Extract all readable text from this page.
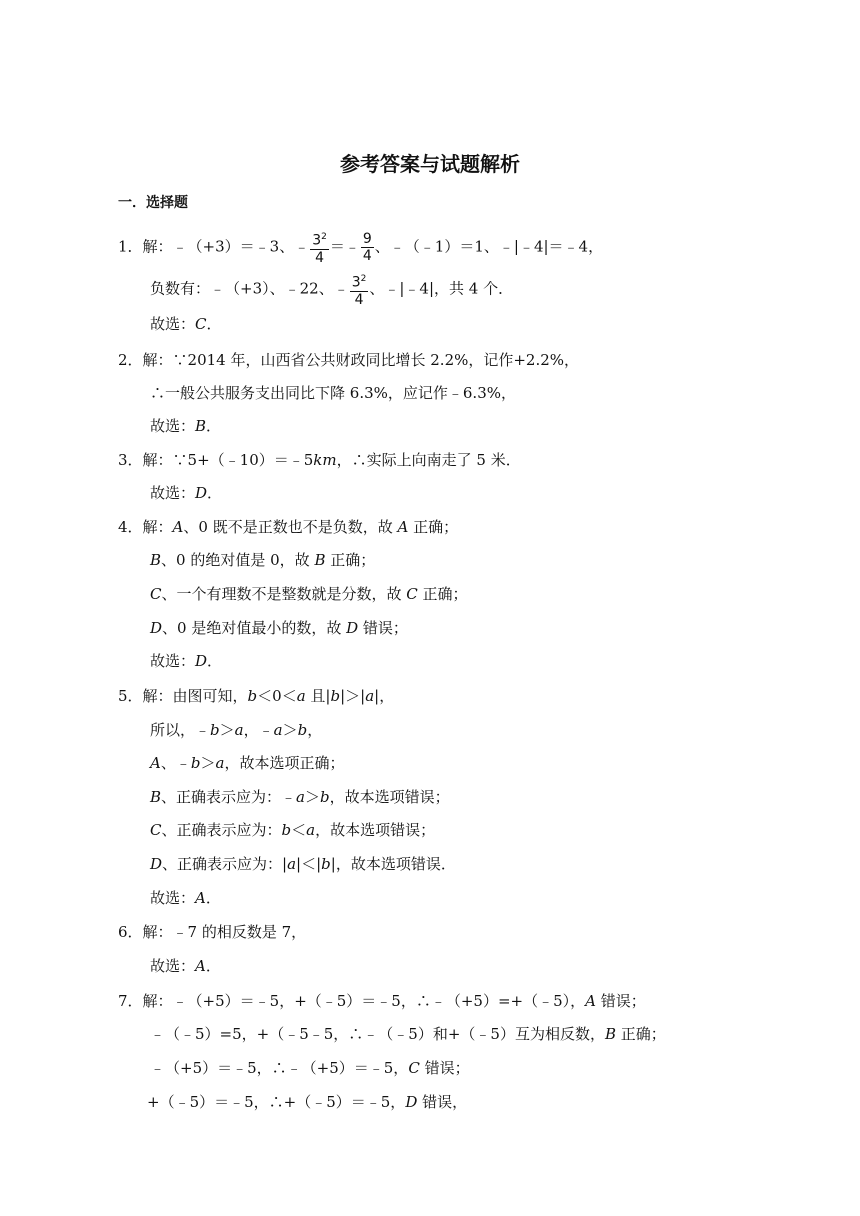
参考答案与试题解析
一．选择题
1．解：﹣（+3）＝﹣3、﹣ $\frac{3^2}{4}$ ＝﹣ $\frac{9}{4}$ 、﹣（﹣1）＝1、﹣|﹣4|＝﹣4，
负数有：﹣（+3）、﹣22、﹣ $\frac{3^2}{4}$ 、﹣|﹣4|，共 4 个．
故选：C．
2．解：∵2014 年，山西省公共财政同比增长 2.2%，记作+2.2%，
∴一般公共服务支出同比下降 6.3%，应记作﹣6.3%，
故选：B．
3．解：∵5+（﹣10）＝﹣5km，∴实际上向南走了 5 米．
故选：D．
4．解：A、0 既不是正数也不是负数，故 A 正确；
B、0 的绝对值是 0，故 B 正确；
C、一个有理数不是整数就是分数，故 C 正确；
D、0 是绝对值最小的数，故 D 错误；
故选：D．
5．解：由图可知，b＜0＜a 且|b|＞|a|，
所以，﹣b＞a，﹣a＞b，
A、﹣b＞a，故本选项正确；
B、正确表示应为：﹣a＞b，故本选项错误；
C、正确表示应为：b＜a，故本选项错误；
D、正确表示应为：|a|＜|b|，故本选项错误．
故选：A．
6．解：﹣7 的相反数是 7，
故选：A．
7．解：﹣（+5）＝﹣5，+（﹣5）＝﹣5，∴﹣（+5）=+（﹣5），A 错误；
﹣（﹣5）=5，+（﹣5﹣5，∴﹣（﹣5）和+（﹣5）互为相反数，B 正确；
﹣（+5）＝﹣5，∴﹣（+5）＝﹣5，C 错误；
+（﹣5）＝﹣5，∴+（﹣5）＝﹣5，D 错误，
